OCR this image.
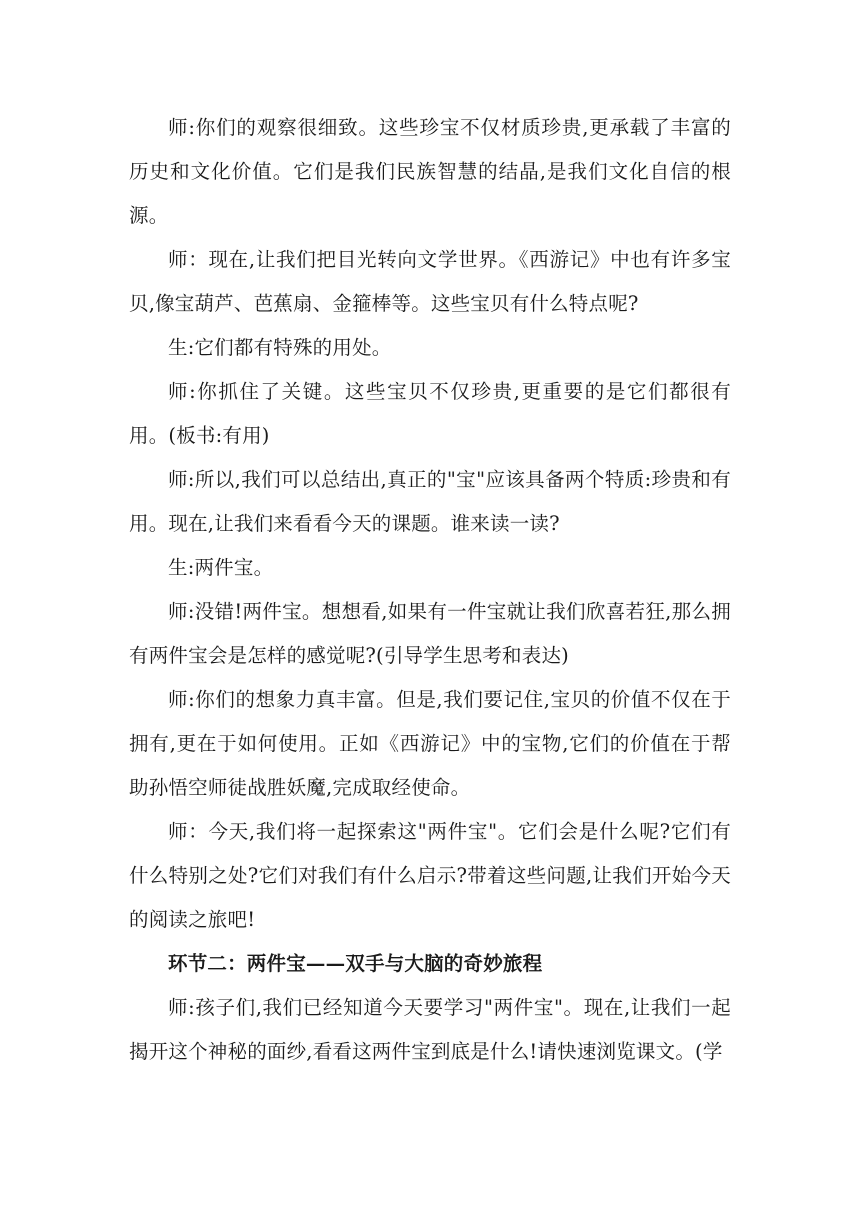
师:你们的观察很细致。这些珍宝不仅材质珍贵,更承载了丰富的历史和文化价值。它们是我们民族智慧的结晶,是我们文化自信的根源。

师：现在,让我们把目光转向文学世界。《西游记》中也有许多宝贝,像宝葫芦、芭蕉扇、金箍棒等。这些宝贝有什么特点呢?

生:它们都有特殊的用处。

师:你抓住了关键。这些宝贝不仅珍贵,更重要的是它们都很有用。(板书:有用)

师:所以,我们可以总结出,真正的"宝"应该具备两个特质:珍贵和有用。现在,让我们来看看今天的课题。谁来读一读?

生:两件宝。

师:没错!两件宝。想想看,如果有一件宝就让我们欣喜若狂,那么拥有两件宝会是怎样的感觉呢?(引导学生思考和表达)

师:你们的想象力真丰富。但是,我们要记住,宝贝的价值不仅在于拥有,更在于如何使用。正如《西游记》中的宝物,它们的价值在于帮助孙悟空师徒战胜妖魔,完成取经使命。

师：今天,我们将一起探索这"两件宝"。它们会是什么呢?它们有什么特别之处?它们对我们有什么启示?带着这些问题,让我们开始今天的阅读之旅吧!

环节二：两件宝——双手与大脑的奇妙旅程

师:孩子们,我们已经知道今天要学习"两件宝"。现在,让我们一起揭开这个神秘的面纱,看看这两件宝到底是什么!请快速浏览课文。(学
